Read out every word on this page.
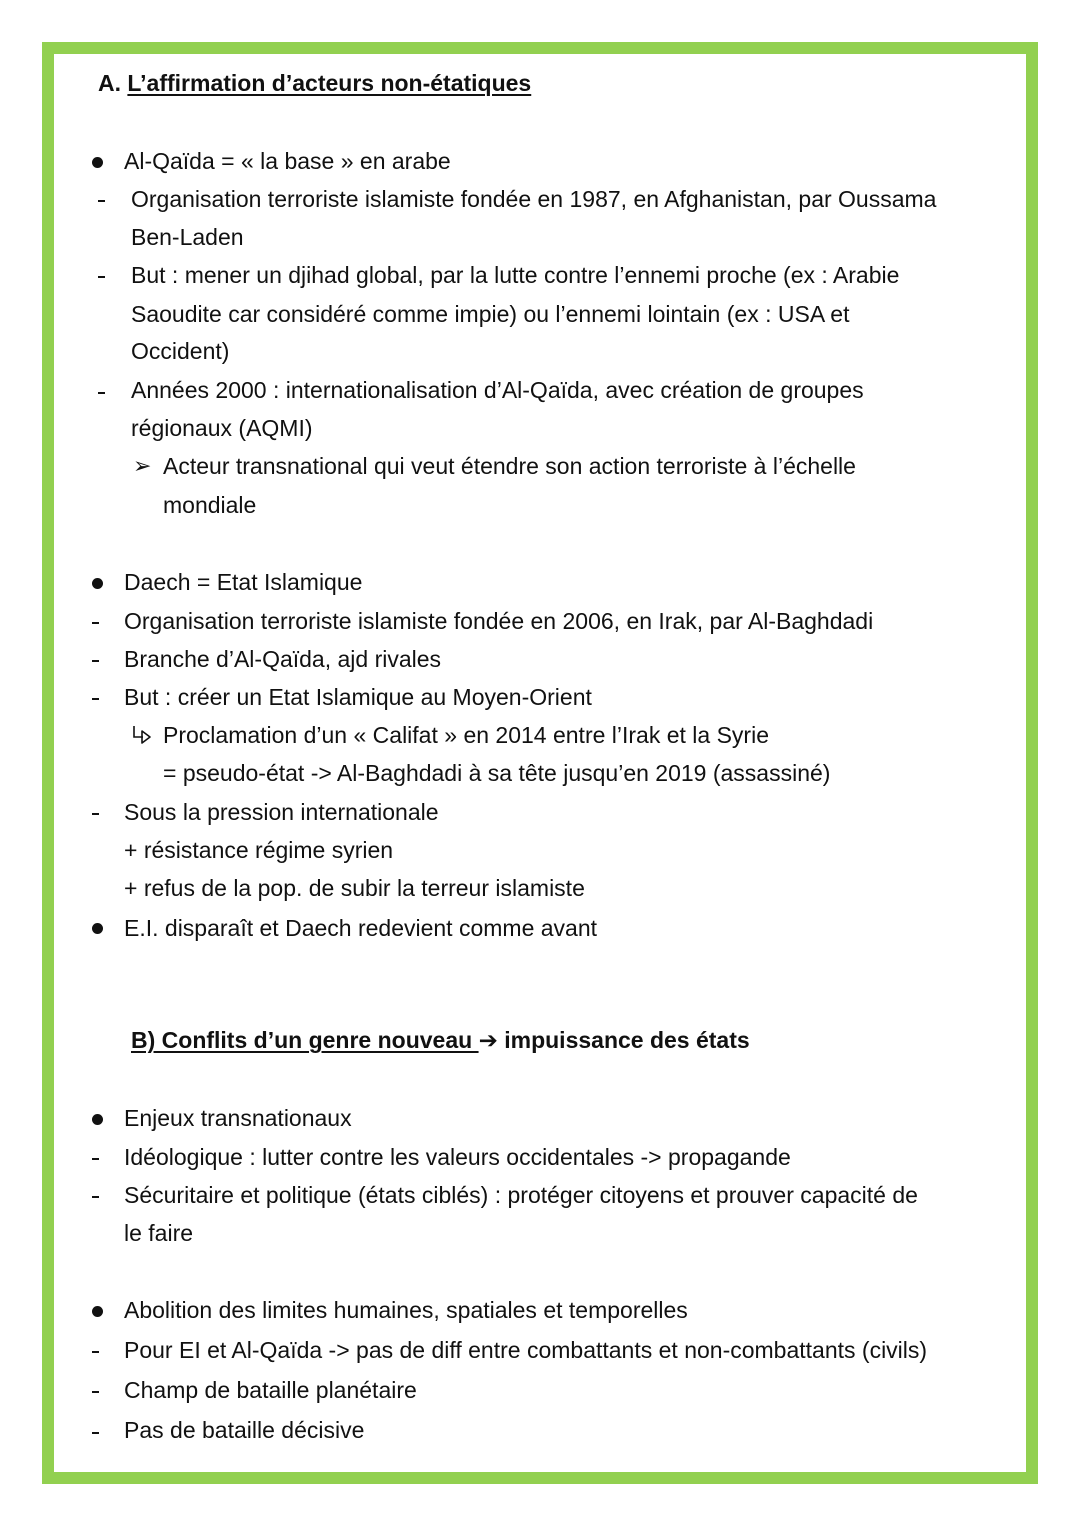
A. L’affirmation d’acteurs non-étatiques
Al-Qaïda = « la base » en arabe
Organisation terroriste islamiste fondée en 1987, en Afghanistan, par Oussama
Ben-Laden
But : mener un djihad global, par la lutte contre l’ennemi proche (ex : Arabie
Saoudite car considéré comme impie) ou l’ennemi lointain (ex : USA et
Occident)
Années 2000 : internationalisation d’Al-Qaïda, avec création de groupes
régionaux (AQMI)
➢ Acteur transnational qui veut étendre son action terroriste à l’échelle
mondiale
Daech = Etat Islamique
Organisation terroriste islamiste fondée en 2006, en Irak, par Al-Baghdadi
Branche d’Al-Qaïda, ajd rivales
But : créer un Etat Islamique au Moyen-Orient
Proclamation d’un « Califat » en 2014 entre l’Irak et la Syrie
= pseudo-état -> Al-Baghdadi à sa tête jusqu’en 2019 (assassiné)
Sous la pression internationale
+ résistance régime syrien
+ refus de la pop. de subir la terreur islamiste
E.I. disparaît et Daech redevient comme avant
B) Conflits d’un genre nouveau ➔ impuissance des états
Enjeux transnationaux
Idéologique : lutter contre les valeurs occidentales -> propagande
Sécuritaire et politique (états ciblés) : protéger citoyens et prouver capacité de
le faire
Abolition des limites humaines, spatiales et temporelles
Pour EI et Al-Qaïda -> pas de diff entre combattants et non-combattants (civils)
Champ de bataille planétaire
Pas de bataille décisive
